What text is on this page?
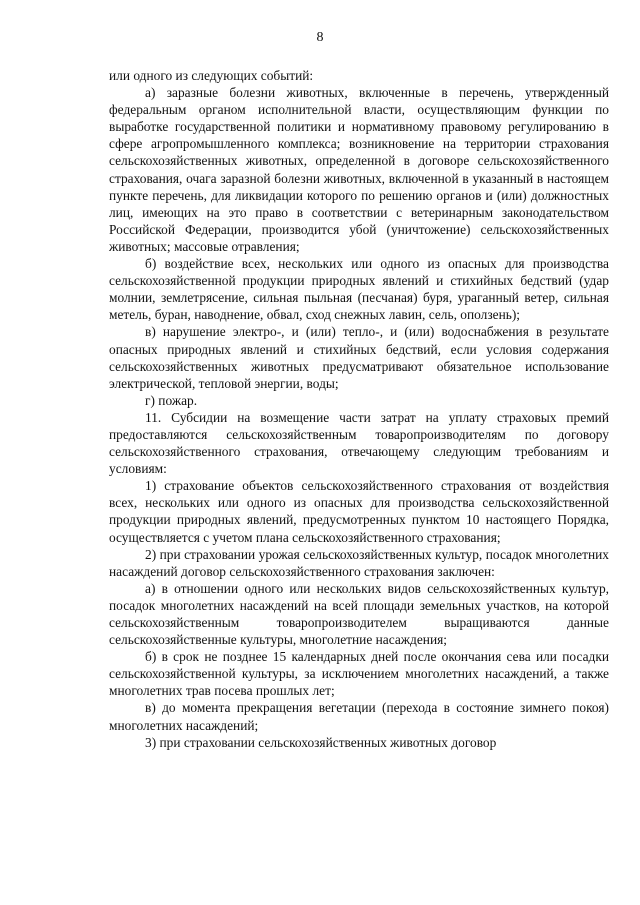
8

или одного из следующих событий:

а) заразные болезни животных, включенные в перечень, утвержденный федеральным органом исполнительной власти, осуществляющим функции по выработке государственной политики и нормативному правовому регулированию в сфере агропромышленного комплекса; возникновение на территории страхования сельскохозяйственных животных, определенной в договоре сельскохозяйственного страхования, очага заразной болезни животных, включенной в указанный в настоящем пункте перечень, для ликвидации которого по решению органов и (или) должностных лиц, имеющих на это право в соответствии с ветеринарным законодательством Российской Федерации, производится убой (уничтожение) сельскохозяйственных животных; массовые отравления;

б) воздействие всех, нескольких или одного из опасных для производства сельскохозяйственной продукции природных явлений и стихийных бедствий (удар молнии, землетрясение, сильная пыльная (песчаная) буря, ураганный ветер, сильная метель, буран, наводнение, обвал, сход снежных лавин, сель, оползень);

в) нарушение электро-, и (или) тепло-, и (или) водоснабжения в результате опасных природных явлений и стихийных бедствий, если условия содержания сельскохозяйственных животных предусматривают обязательное использование электрической, тепловой энергии, воды;

г) пожар.

11. Субсидии на возмещение части затрат на уплату страховых премий предоставляются сельскохозяйственным товаропроизводителям по договору сельскохозяйственного страхования, отвечающему следующим требованиям и условиям:

1) страхование объектов сельскохозяйственного страхования от воздействия всех, нескольких или одного из опасных для производства сельскохозяйственной продукции природных явлений, предусмотренных пунктом 10 настоящего Порядка, осуществляется с учетом плана сельскохозяйственного страхования;

2) при страховании урожая сельскохозяйственных культур, посадок многолетних насаждений договор сельскохозяйственного страхования заключен:

а) в отношении одного или нескольких видов сельскохозяйственных культур, посадок многолетних насаждений на всей площади земельных участков, на которой сельскохозяйственным товаропроизводителем выращиваются данные сельскохозяйственные культуры, многолетние насаждения;

б) в срок не позднее 15 календарных дней после окончания сева или посадки сельскохозяйственной культуры, за исключением многолетних насаждений, а также многолетних трав посева прошлых лет;

в) до момента прекращения вегетации (перехода в состояние зимнего покоя) многолетних насаждений;

3) при страховании сельскохозяйственных животных договор
